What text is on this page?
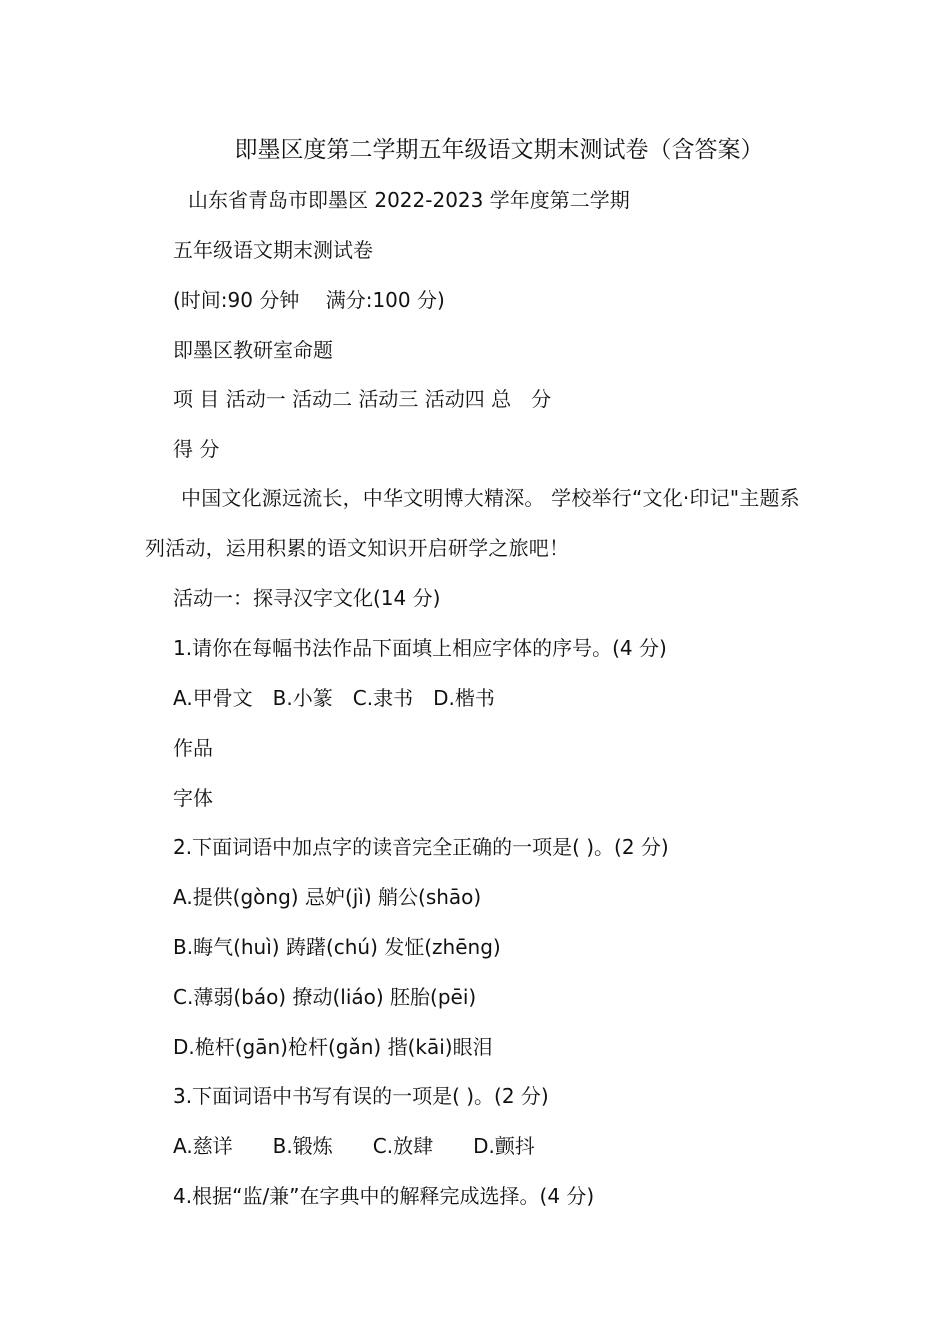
即墨区度第二学期五年级语文期末测试卷（含答案）
山东省青岛市即墨区 2022-2023 学年度第二学期
五年级语文期末测试卷
(时间:90 分钟　 满分:100 分)
即墨区教研室命题
项 目 活动一 活动二 活动三 活动四 总　分
得 分
中国文化源远流长，中华文明博大精深。 学校举行“文化·印记"主题系列活动，运用积累的语文知识开启研学之旅吧！
活动一：探寻汉字文化(14 分)
1.请你在每幅书法作品下面填上相应字体的序号。(4 分)
A.甲骨文　B.小篆　C.隶书　D.楷书
作品
字体
2.下面词语中加点字的读音完全正确的一项是( )。(2 分)
A.提供(gòng) 忌妒(jì) 艄公(shāo)
B.晦气(huì) 踌躇(chú) 发怔(zhēng)
C.薄弱(báo) 撩动(liáo) 胚胎(pēi)
D.桅杆(gān)枪杆(gǎn) 揩(kāi)眼泪
3.下面词语中书写有误的一项是( )。(2 分)
A.慈详　　B.锻炼　　C.放肆　　D.颤抖
4.根据“监/兼”在字典中的解释完成选择。(4 分)
